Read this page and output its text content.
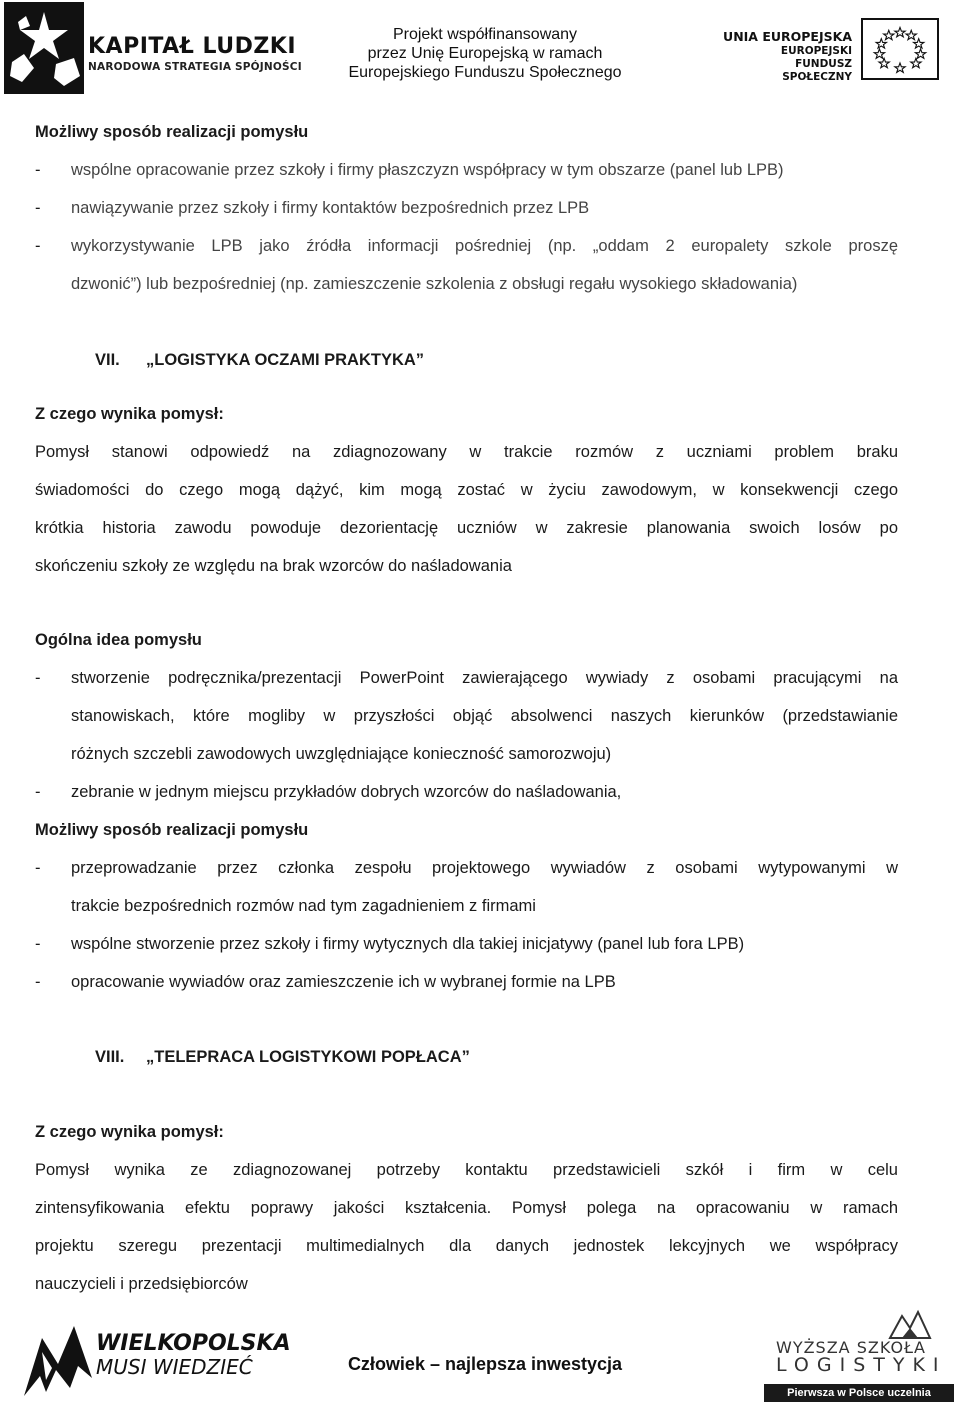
KAPITAŁ LUDZKI
NARODOWA STRATEGIA SPÓJNOŚCI
Projekt współfinansowany
przez Unię Europejską w ramach
Europejskiego Funduszu Społecznego
UNIA EUROPEJSKA
EUROPEJSKI
FUNDUSZ SPOŁECZNY
Możliwy sposób realizacji pomysłu
- wspólne opracowanie przez szkoły i firmy płaszczyzn współpracy w tym obszarze (panel lub LPB)
- nawiązywanie przez szkoły i firmy kontaktów bezpośrednich przez LPB
- wykorzystywanie LPB jako źródła informacji pośredniej (np. „oddam 2 europalety szkole proszę
dzwonić”) lub bezpośredniej (np. zamieszczenie szkolenia z obsługi regału wysokiego składowania)
VII. „LOGISTYKA OCZAMI PRAKTYKA”
Z czego wynika pomysł:
Pomysł stanowi odpowiedź na zdiagnozowany w trakcie rozmów z uczniami problem braku
świadomości do czego mogą dążyć, kim mogą zostać w życiu zawodowym, w konsekwencji czego
krótkia historia zawodu powoduje dezorientację uczniów w zakresie planowania swoich losów po
skończeniu szkoły ze względu na brak wzorców do naśladowania
Ogólna idea pomysłu
- stworzenie podręcznika/prezentacji PowerPoint zawierającego wywiady z osobami pracującymi na
stanowiskach, które mogliby w przyszłości objąć absolwenci naszych kierunków (przedstawianie
różnych szczebli zawodowych uwzględniające konieczność samorozwoju)
- zebranie w jednym miejscu przykładów dobrych wzorców do naśladowania,
Możliwy sposób realizacji pomysłu
- przeprowadzanie przez członka zespołu projektowego wywiadów z osobami wytypowanymi w
trakcie bezpośrednich rozmów nad tym zagadnieniem z firmami
- wspólne stworzenie przez szkoły i firmy wytycznych dla takiej inicjatywy (panel lub fora LPB)
- opracowanie wywiadów oraz zamieszczenie ich w wybranej formie na LPB
VIII. „TELEPRACA LOGISTYKOWI POPŁACA”
Z czego wynika pomysł:
Pomysł wynika ze zdiagnozowanej potrzeby kontaktu przedstawicieli szkół i firm w celu
zintensyfikowania efektu poprawy jakości kształcenia. Pomysł polega na opracowaniu w ramach
projektu szeregu prezentacji multimedialnych dla danych jednostek lekcyjnych we współpracy
nauczycieli i przedsiębiorców
WIELKOPOLSKA
MUSI WIEDZIEĆ	Człowiek – najlepsza inwestycja
WYŻSZA SZKOŁA
LOGISTYKI
Pierwsza w Polsce uczelnia logistyczna
